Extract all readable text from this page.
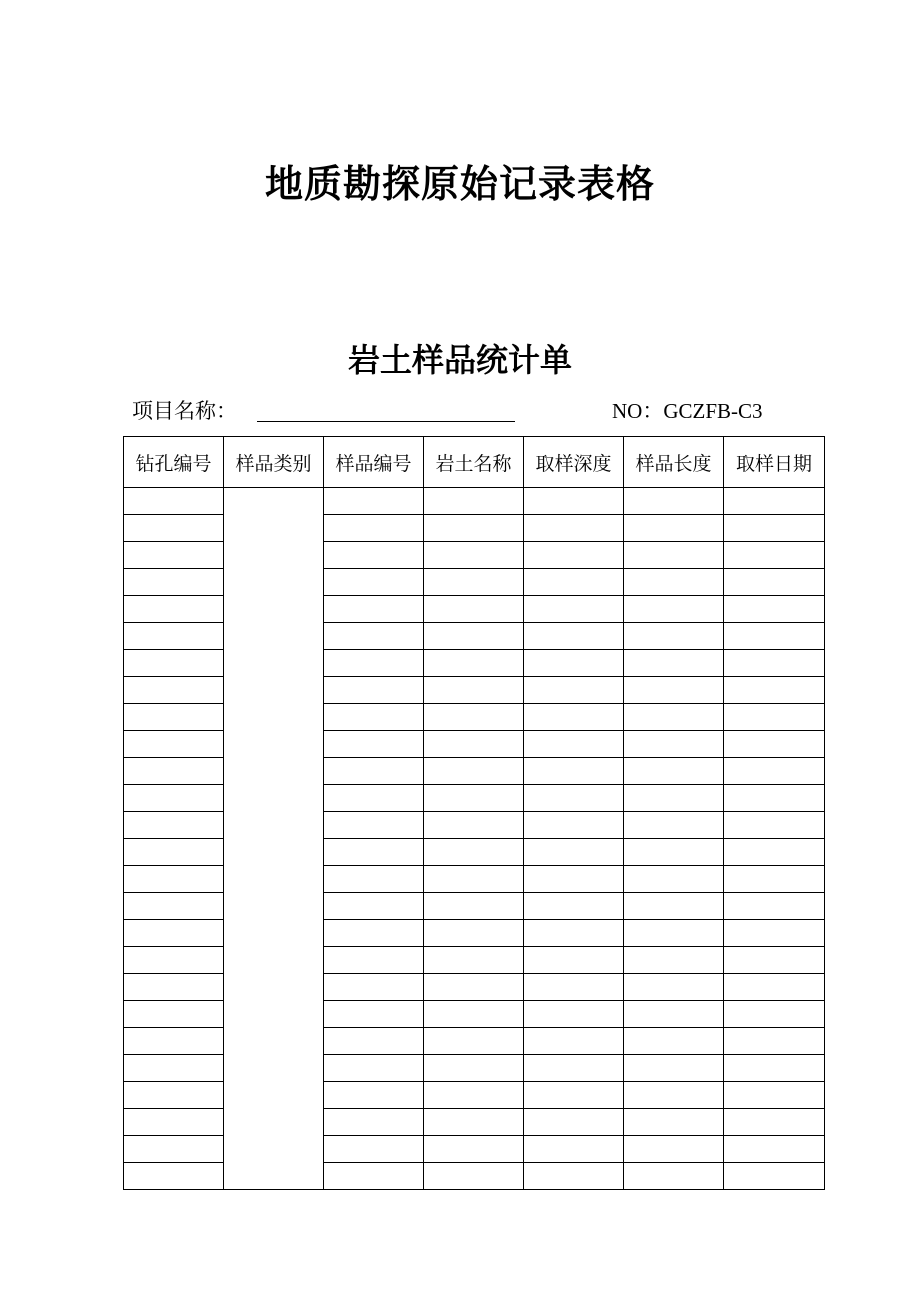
地质勘探原始记录表格
岩土样品统计单
项目名称：	NO：GCZFB-C3
钻孔编号	样品类别	样品编号	岩土名称	取样深度	样品长度	取样日期
